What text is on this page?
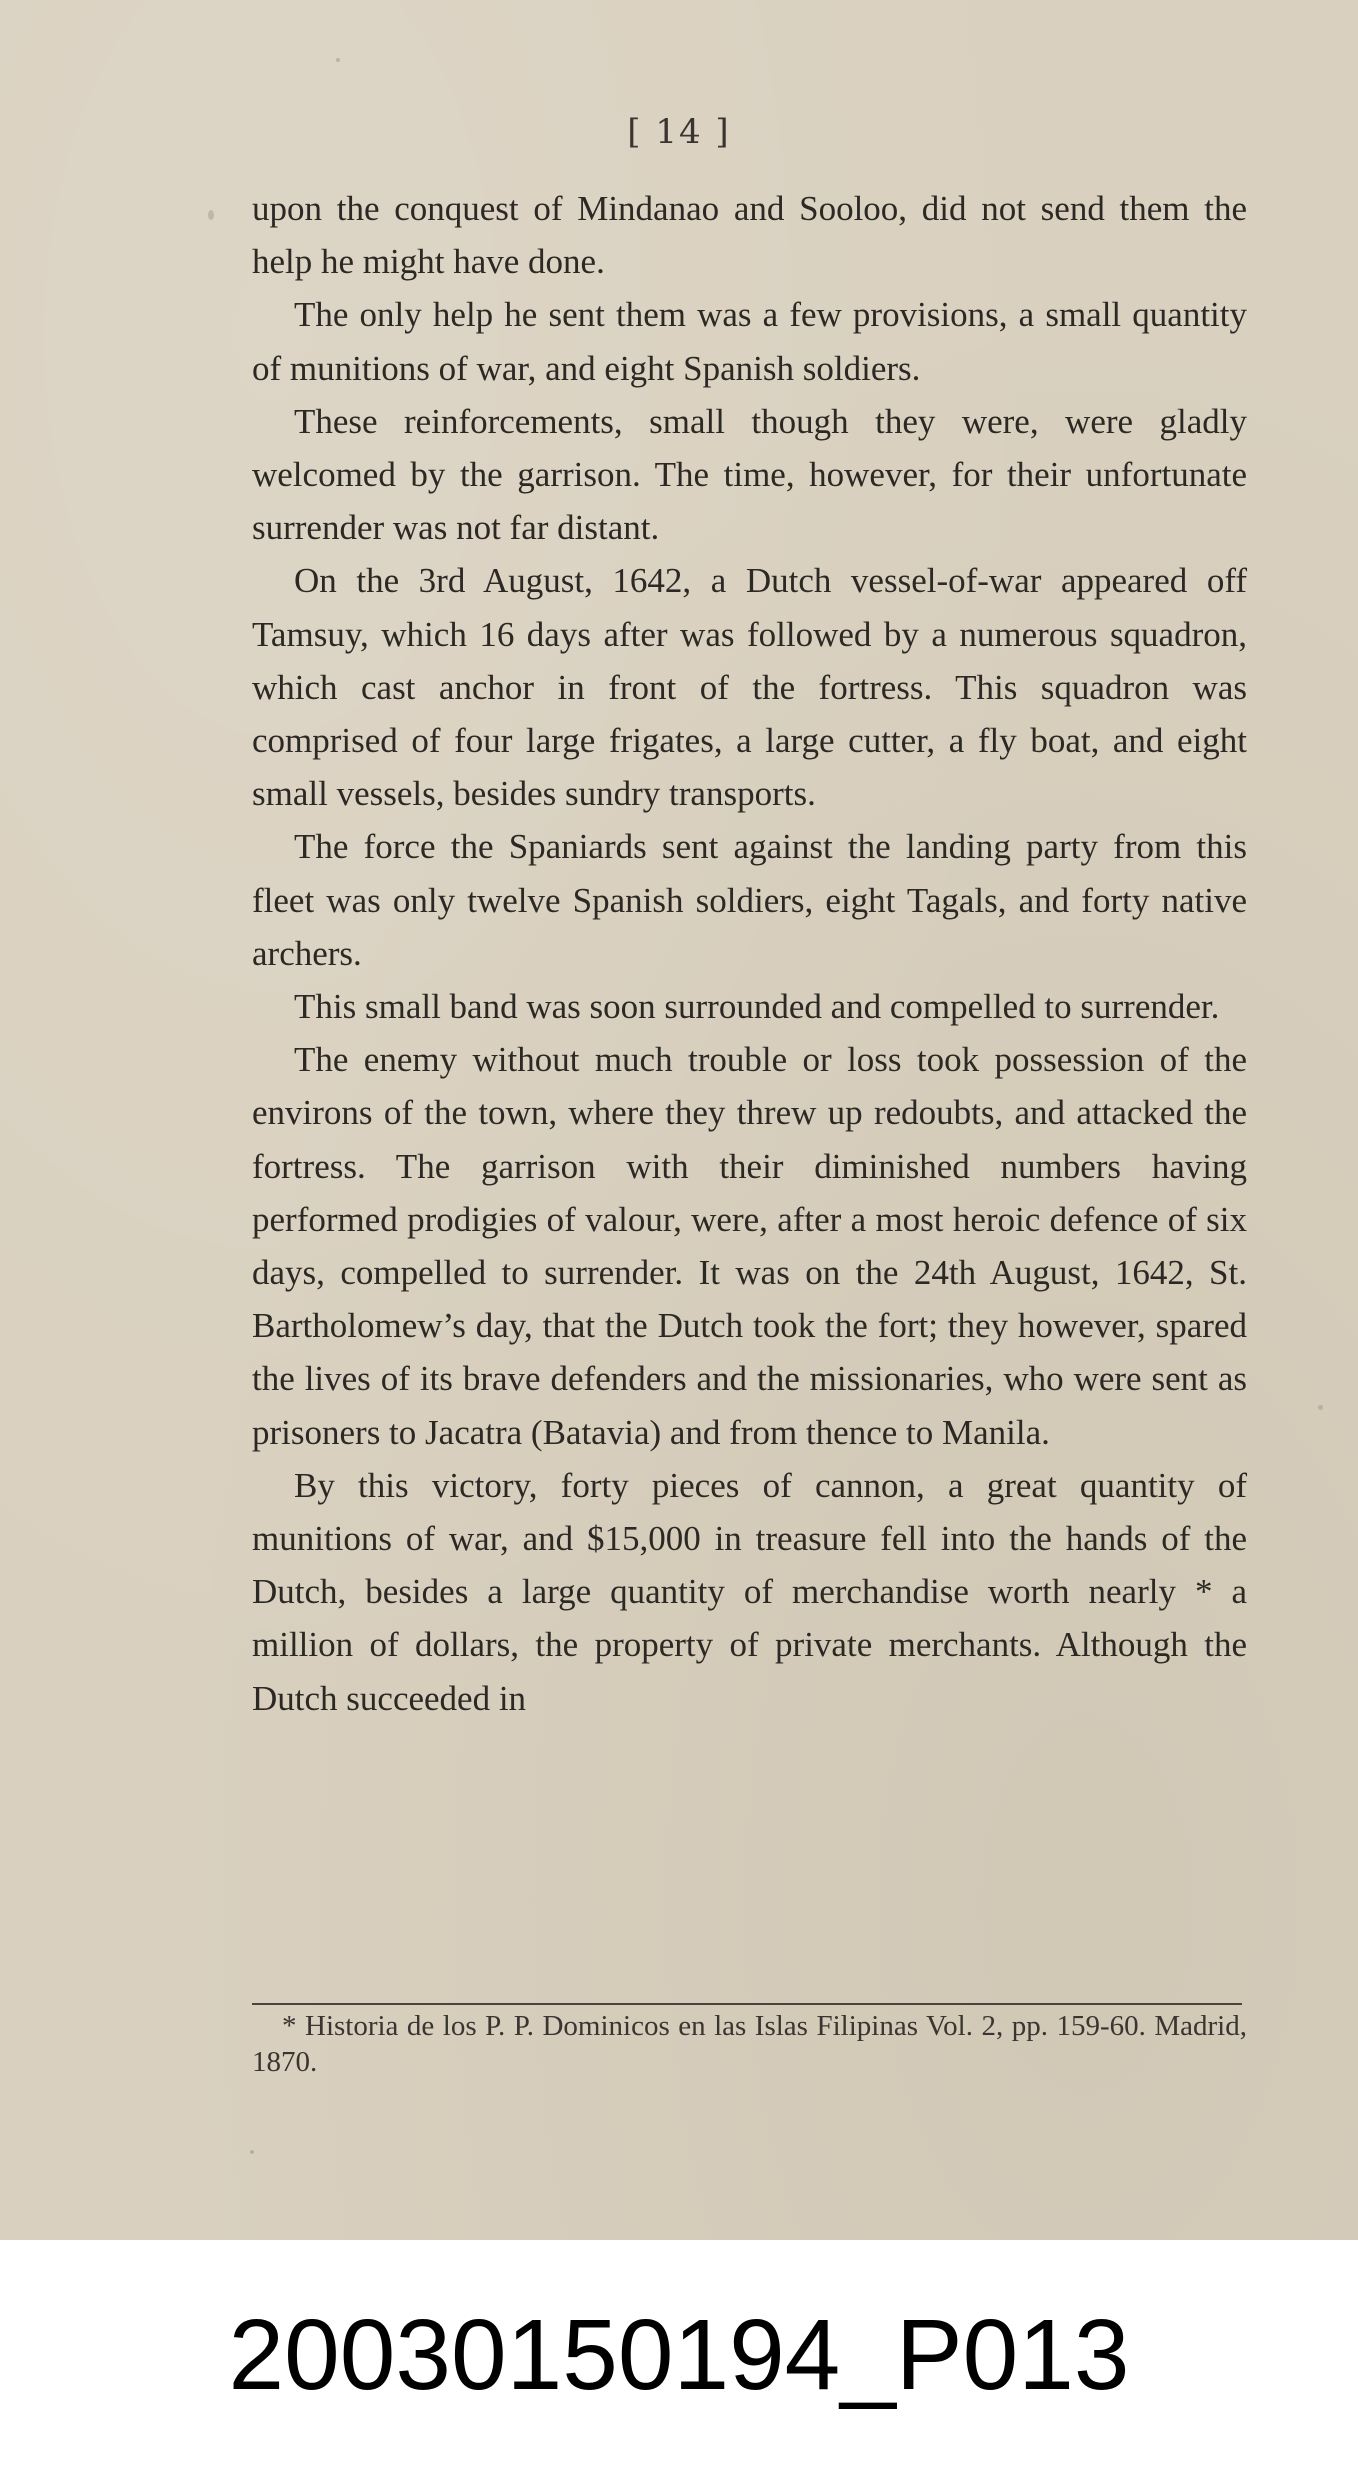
[ 14 ]

upon the conquest of Mindanao and Sooloo, did not send them the help he might have done.

The only help he sent them was a few provisions, a small quantity of munitions of war, and eight Spanish soldiers.

These reinforcements, small though they were, were gladly welcomed by the garrison. The time, however, for their unfortunate surrender was not far distant.

On the 3rd August, 1642, a Dutch vessel-of-war appeared off Tamsuy, which 16 days after was followed by a numerous squadron, which cast anchor in front of the fortress. This squadron was comprised of four large frigates, a large cutter, a fly boat, and eight small vessels, besides sundry transports.

The force the Spaniards sent against the landing party from this fleet was only twelve Spanish soldiers, eight Tagals, and forty native archers.

This small band was soon surrounded and compelled to surrender.

The enemy without much trouble or loss took possession of the environs of the town, where they threw up redoubts, and attacked the fortress. The garrison with their diminished numbers having performed prodigies of valour, were, after a most heroic defence of six days, compelled to surrender. It was on the 24th August, 1642, St. Bartholomew’s day, that the Dutch took the fort; they however, spared the lives of its brave defenders and the missionaries, who were sent as prisoners to Jacatra (Batavia) and from thence to Manila.

By this victory, forty pieces of cannon, a great quantity of munitions of war, and $15,000 in treasure fell into the hands of the Dutch, besides a large quantity of merchandise worth nearly * a million of dollars, the property of private merchants. Although the Dutch succeeded in

* Historia de los P. P. Dominicos en las Islas Filipinas Vol. 2, pp. 159-60. Madrid, 1870.

20030150194_P013
